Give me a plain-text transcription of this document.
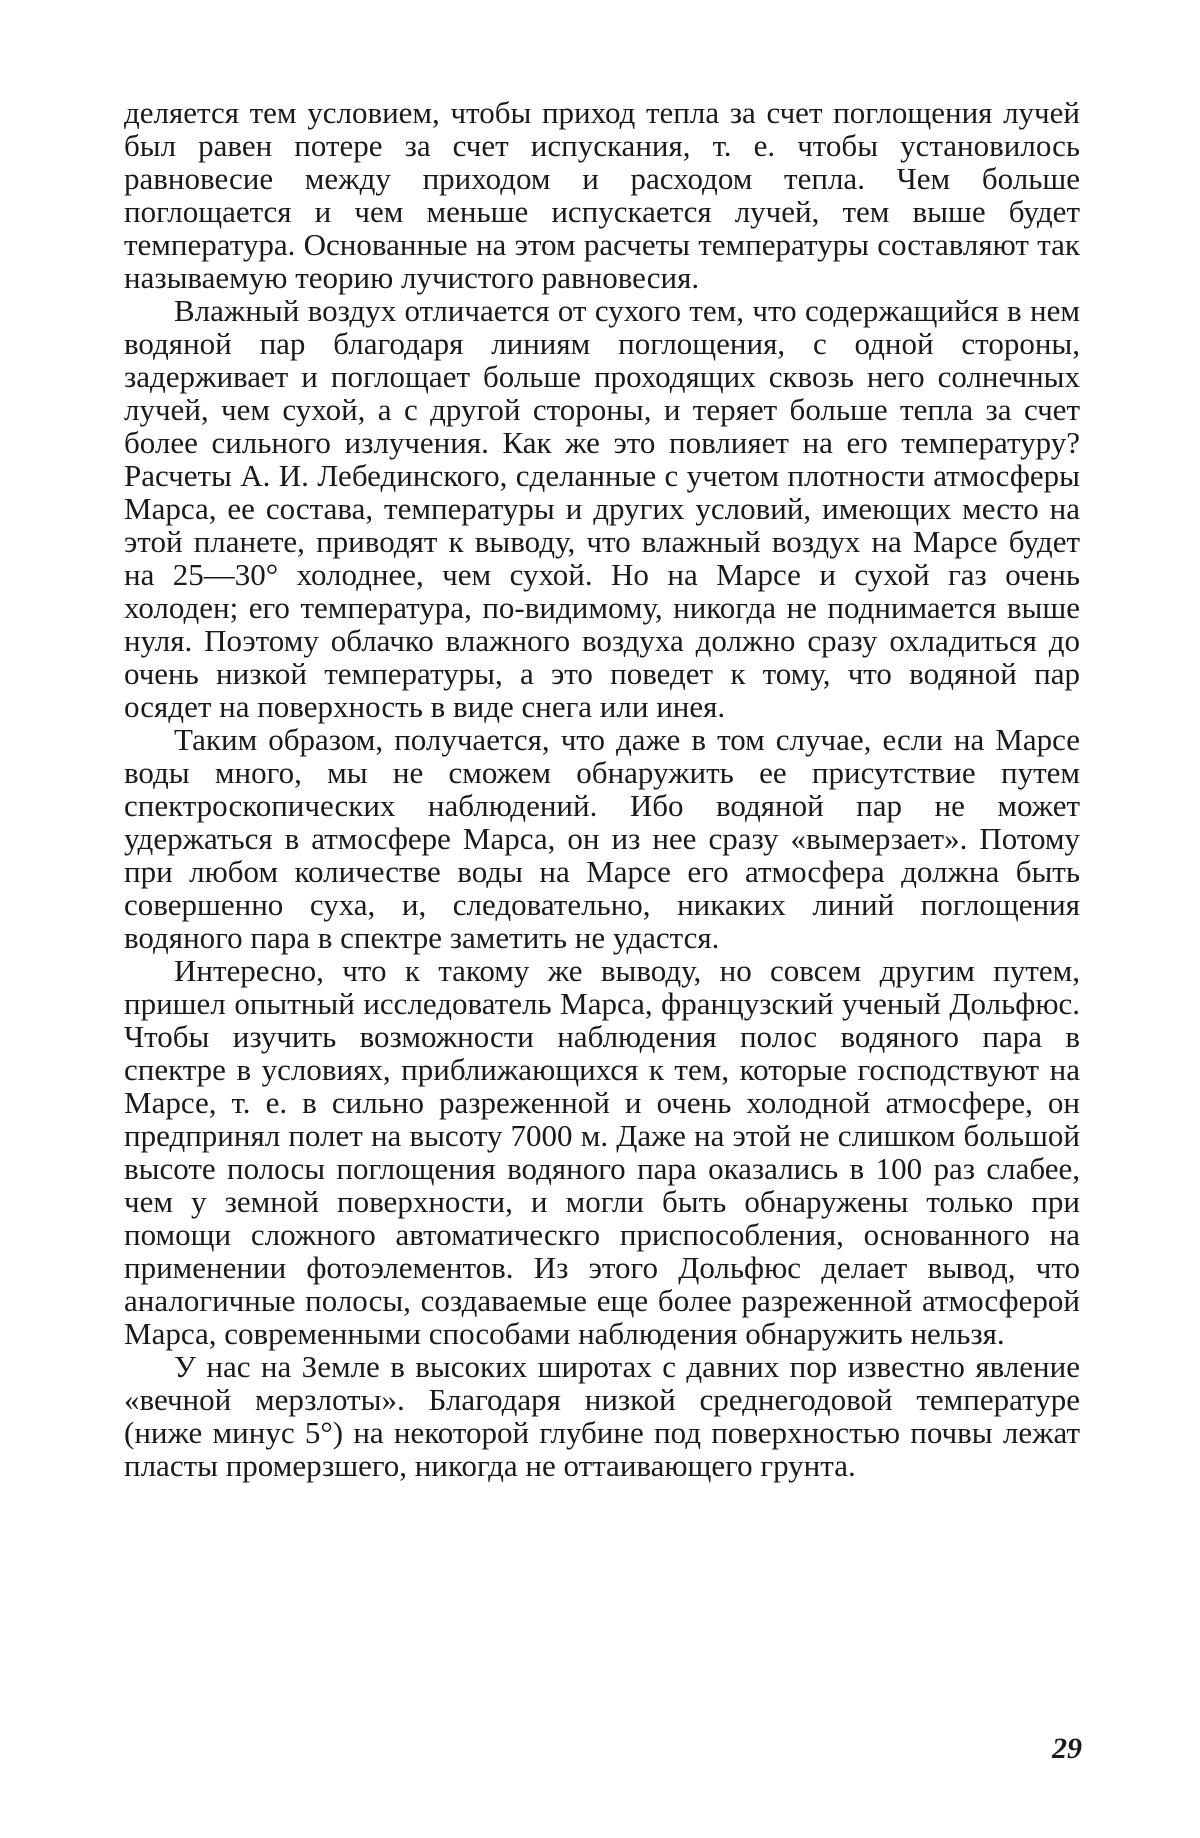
деляется тем условием, чтобы приход тепла за счет поглощения лучей был равен потере за счет испускания, т. е. чтобы установилось равновесие между приходом и расходом тепла. Чем больше поглощается и чем меньше испускается лучей, тем выше будет температура. Основанные на этом расчеты температуры составляют так называемую теорию лучистого равновесия.

Влажный воздух отличается от сухого тем, что содержащийся в нем водяной пар благодаря линиям поглощения, с одной стороны, задерживает и поглощает больше проходящих сквозь него солнечных лучей, чем сухой, а с другой стороны, и теряет больше тепла за счет более сильного излучения. Как же это повлияет на его температуру? Расчеты А. И. Лебединского, сделанные с учетом плотности атмосферы Марса, ее состава, температуры и других условий, имеющих место на этой планете, приводят к выводу, что влажный воздух на Марсе будет на 25—30° холоднее, чем сухой. Но на Марсе и сухой газ очень холоден; его температура, по-видимому, никогда не поднимается выше нуля. Поэтому облачко влажного воздуха должно сразу охладиться до очень низкой температуры, а это поведет к тому, что водяной пар осядет на поверхность в виде снега или инея.

Таким образом, получается, что даже в том случае, если на Марсе воды много, мы не сможем обнаружить ее присутствие путем спектроскопических наблюдений. Ибо водяной пар не может удержаться в атмосфере Марса, он из нее сразу «вымерзает». Потому при любом количестве воды на Марсе его атмосфера должна быть совершенно суха, и, следовательно, никаких линий поглощения водяного пара в спектре заметить не удастся.

Интересно, что к такому же выводу, но совсем другим путем, пришел опытный исследователь Марса, французский ученый Дольфюс. Чтобы изучить возможности наблюдения полос водяного пара в спектре в условиях, приближающихся к тем, которые господствуют на Марсе, т. е. в сильно разреженной и очень холодной атмосфере, он предпринял полет на высоту 7000 м. Даже на этой не слишком большой высоте полосы поглощения водяного пара оказались в 100 раз слабее, чем у земной поверхности, и могли быть обнаружены только при помощи сложного автоматическго приспособления, основанного на применении фотоэлементов. Из этого Дольфюс делает вывод, что аналогичные полосы, создаваемые еще более разреженной атмосферой Марса, современными способами наблюдения обнаружить нельзя.

У нас на Земле в высоких широтах с давних пор известно явление «вечной мерзлоты». Благодаря низкой среднегодовой температуре (ниже минус 5°) на некоторой глубине под поверхностью почвы лежат пласты промерзшего, никогда не оттаивающего грунта.

29
